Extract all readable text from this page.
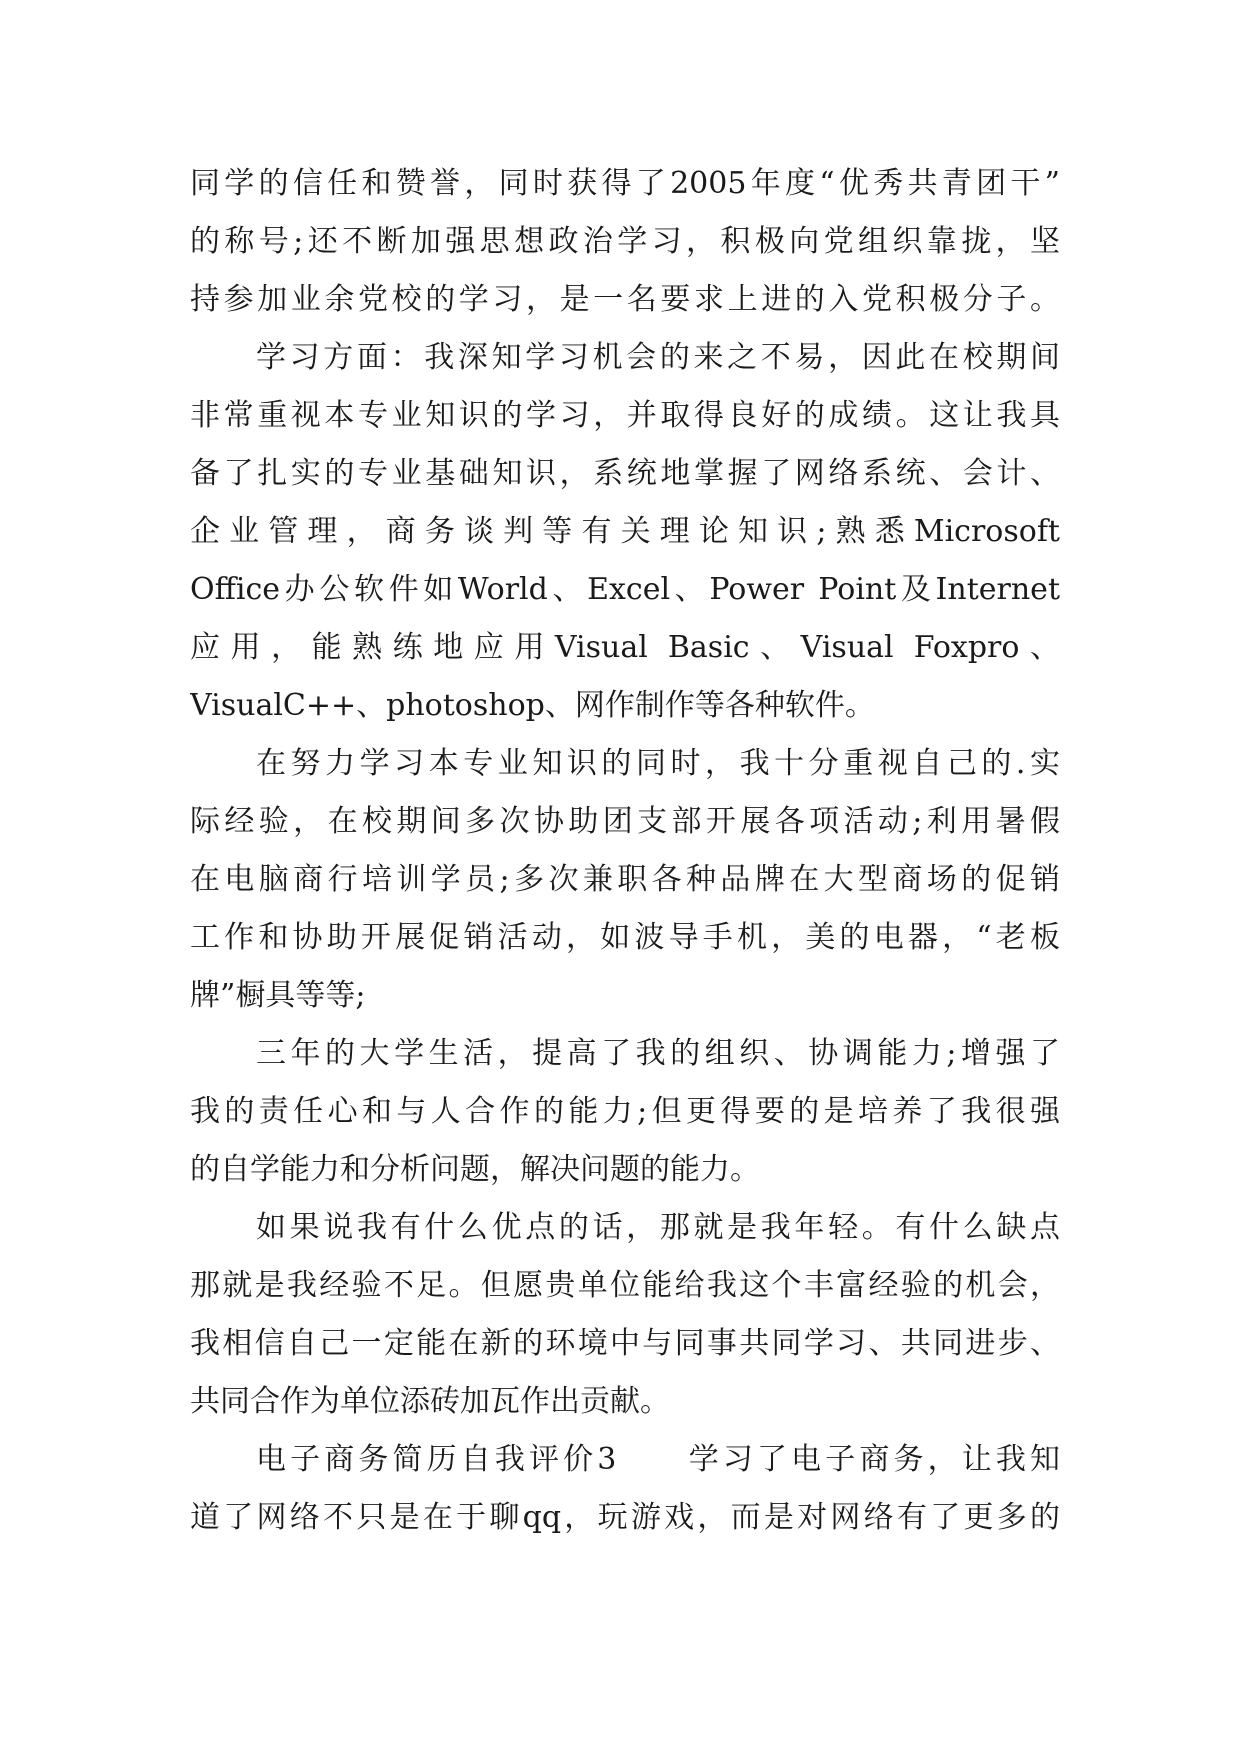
同学的信任和赞誉，同时获得了2005年度“优秀共青团干”
的称号;还不断加强思想政治学习，积极向党组织靠拢，坚
持参加业余党校的学习，是一名要求上进的入党积极分子。
学习方面：我深知学习机会的来之不易，因此在校期间
非常重视本专业知识的学习，并取得良好的成绩。这让我具
备了扎实的专业基础知识，系统地掌握了网络系统、会计、
企业管理，商务谈判等有关理论知识;熟悉Microsoft
Office办公软件如World、Excel、Power Point及Internet
应用，能熟练地应用Visual Basic、Visual Foxpro、
VisualC++、photoshop、网作制作等各种软件。
在努力学习本专业知识的同时，我十分重视自己的.实
际经验，在校期间多次协助团支部开展各项活动;利用暑假
在电脑商行培训学员;多次兼职各种品牌在大型商场的促销
工作和协助开展促销活动，如波导手机，美的电器，“老板
牌”橱具等等;
三年的大学生活，提高了我的组织、协调能力;增强了
我的责任心和与人合作的能力;但更得要的是培养了我很强
的自学能力和分析问题，解决问题的能力。
如果说我有什么优点的话，那就是我年轻。有什么缺点
那就是我经验不足。但愿贵单位能给我这个丰富经验的机会，
我相信自己一定能在新的环境中与同事共同学习、共同进步、
共同合作为单位添砖加瓦作出贡献。
电子商务简历自我评价3　　学习了电子商务，让我知
道了网络不只是在于聊qq，玩游戏，而是对网络有了更多的
